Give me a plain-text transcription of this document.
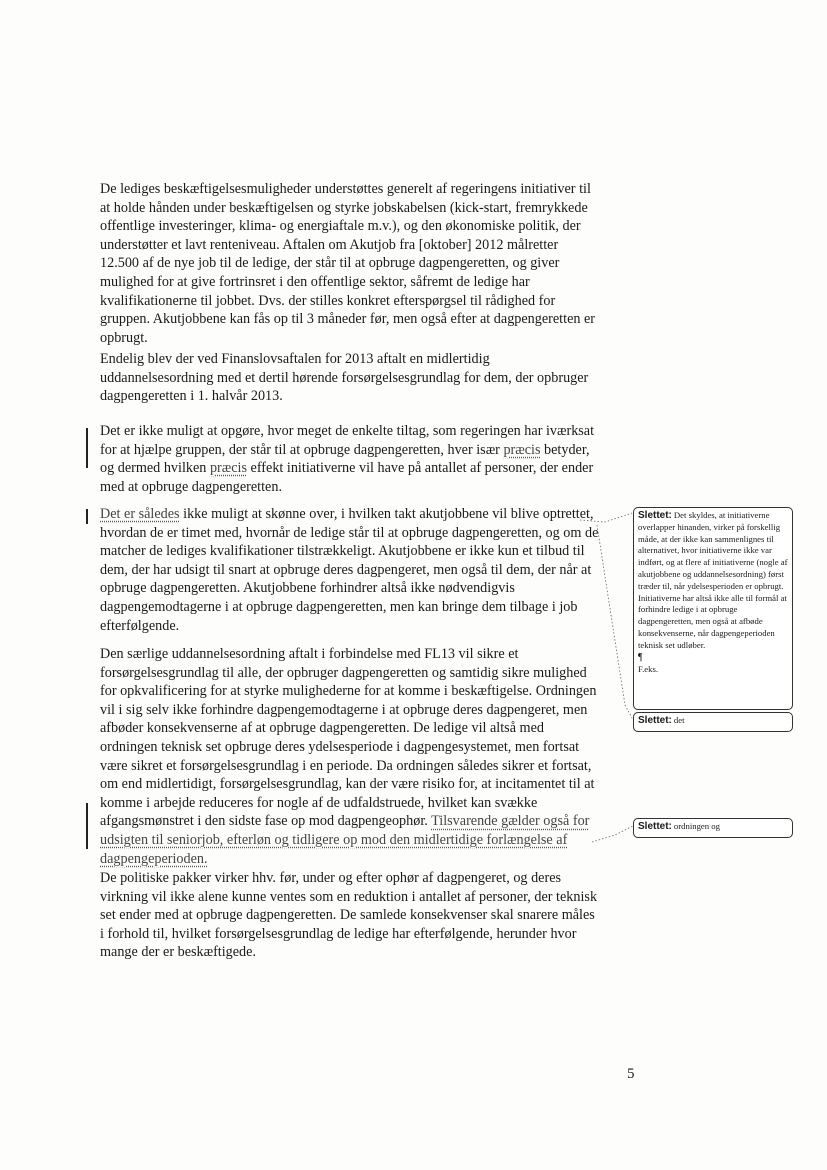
De lediges beskæftigelsesmuligheder understøttes generelt af regeringens initiativer til at holde hånden under beskæftigelsen og styrke jobskabelsen (kick-start, fremrykkede offentlige investeringer, klima- og energiaftale m.v.), og den økonomiske politik, der understøtter et lavt renteniveau. Aftalen om Akutjob fra [oktober] 2012 målretter 12.500 af de nye job til de ledige, der står til at opbruge dagpengeretten, og giver mulighed for at give fortrinsret i den offentlige sektor, såfremt de ledige har kvalifikationerne til jobbet. Dvs. der stilles konkret efterspørgsel til rådighed for gruppen. Akutjobbene kan fås op til 3 måneder før, men også efter at dagpengeretten er opbrugt.

Endelig blev der ved Finanslovsaftalen for 2013 aftalt en midlertidig uddannelsesordning med et dertil hørende forsørgelsesgrundlag for dem, der opbruger dagpengeretten i 1. halvår 2013.

Det er ikke muligt at opgøre, hvor meget de enkelte tiltag, som regeringen har iværksat for at hjælpe gruppen, der står til at opbruge dagpengeretten, hver især præcis betyder, og dermed hvilken præcis effekt initiativerne vil have på antallet af personer, der ender med at opbruge dagpengeretten.

Det er således ikke muligt at skønne over, i hvilken takt akutjobbene vil blive optrettet, hvordan de er timet med, hvornår de ledige står til at opbruge dagpengeretten, og om de matcher de lediges kvalifikationer tilstrækkeligt. Akutjobbene er ikke kun et tilbud til dem, der har udsigt til snart at opbruge deres dagpengeret, men også til dem, der når at opbruge dagpengeretten. Akutjobbene forhindrer altså ikke nødvendigvis dagpengemodtagerne i at opbruge dagpengeretten, men kan bringe dem tilbage i job efterfølgende.

Den særlige uddannelsesordning aftalt i forbindelse med FL13 vil sikre et forsørgelsesgrundlag til alle, der opbruger dagpengeretten og samtidig sikre mulighed for opkvalificering for at styrke mulighederne for at komme i beskæftigelse. Ordningen vil i sig selv ikke forhindre dagpengemodtagerne i at opbruge deres dagpengeret, men afbøder konsekvenserne af at opbruge dagpengeretten. De ledige vil altså med ordningen teknisk set opbruge deres ydelsesperiode i dagpengesystemet, men fortsat være sikret et forsørgelsesgrundlag i en periode. Da ordningen således sikrer et fortsat, om end midlertidigt, forsørgelsesgrundlag, kan der være risiko for, at incitamentet til at komme i arbejde reduceres for nogle af de udfaldstruede, hvilket kan svække afgangsmønstret i den sidste fase op mod dagpengeophør. Tilsvarende gælder også for udsigten til seniorjob, efterløn og tidligere op mod den midlertidige forlængelse af dagpengeperioden.

De politiske pakker virker hhv. før, under og efter ophør af dagpengeret, og deres virkning vil ikke alene kunne ventes som en reduktion i antallet af personer, der teknisk set ender med at opbruge dagpengeretten. De samlede konsekvenser skal snarere måles i forhold til, hvilket forsørgelsesgrundlag de ledige har efterfølgende, herunder hvor mange der er beskæftigede.

Slettet: Det skyldes, at initiativerne overlapper hinanden, virker på forskellig måde, at der ikke kan sammenlignes til alternativet, hvor initiativerne ikke var indført, og at flere af initiativerne (nogle af akutjobbene og uddannelsesordning) først træder til, når ydelsesperioden er opbrugt. Initiativerne har altså ikke alle til formål at forhindre ledige i at opbruge dagpengeretten, men også at afbøde konsekvenserne, når dagpengeperioden teknisk set udløber.
¶
F.eks.
Slettet: det
Slettet: ordningen og
5
